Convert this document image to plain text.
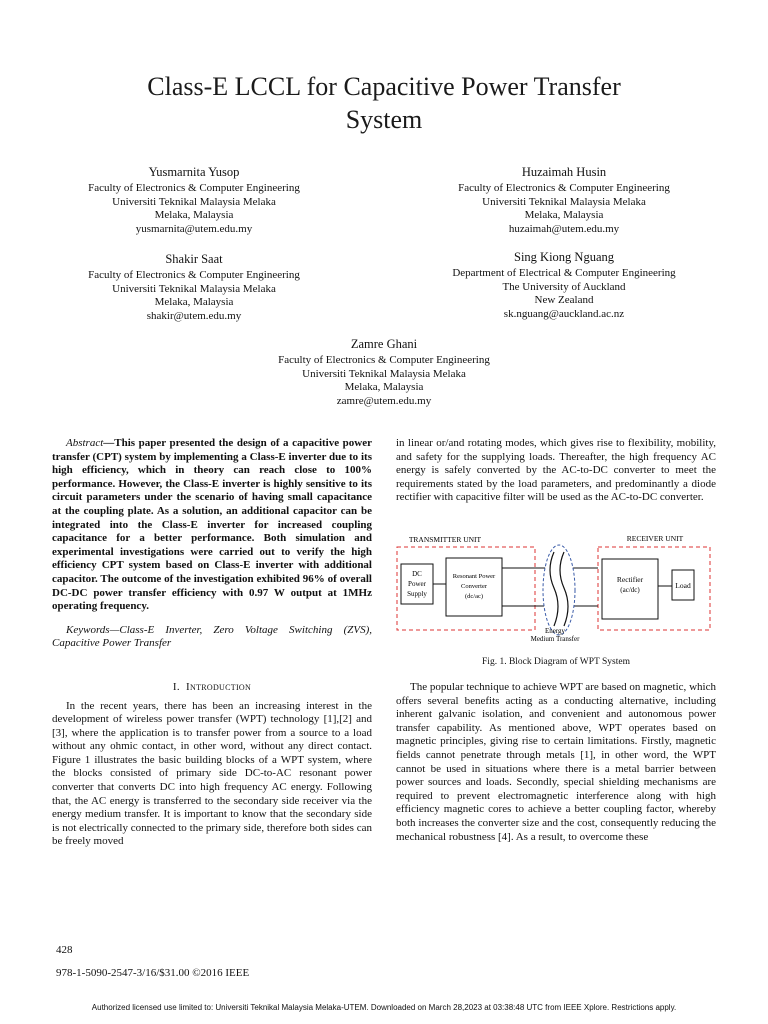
Class-E LCCL for Capacitive Power Transfer
System
Yusmarnita Yusop
Faculty of Electronics & Computer Engineering
Universiti Teknikal Malaysia Melaka
Melaka, Malaysia
yusmarnita@utem.edu.my
Huzaimah Husin
Faculty of Electronics & Computer Engineering
Universiti Teknikal Malaysia Melaka
Melaka, Malaysia
huzaimah@utem.edu.my
Shakir Saat
Faculty of Electronics & Computer Engineering
Universiti Teknikal Malaysia Melaka
Melaka, Malaysia
shakir@utem.edu.my
Sing Kiong Nguang
Department of Electrical & Computer Engineering
The University of Auckland
New Zealand
sk.nguang@auckland.ac.nz
Zamre Ghani
Faculty of Electronics & Computer Engineering
Universiti Teknikal Malaysia Melaka
Melaka, Malaysia
zamre@utem.edu.my

Abstract—This paper presented the design of a capacitive power transfer (CPT) system by implementing a Class-E inverter due to its high efficiency, which in theory can reach close to 100% performance. However, the Class-E inverter is highly sensitive to its circuit parameters under the scenario of having small capacitance at the coupling plate. As a solution, an additional capacitor can be integrated into the Class-E inverter for increased coupling capacitance for a better performance. Both simulation and experimental investigations were carried out to verify the high efficiency CPT system based on Class-E inverter with additional capacitor. The outcome of the investigation exhibited 96% of overall DC-DC power transfer efficiency with 0.97 W output at 1MHz operating frequency.

Keywords—Class-E Inverter, Zero Voltage Switching (ZVS), Capacitive Power Transfer

I. Introduction

In the recent years, there has been an increasing interest in the development of wireless power transfer (WPT) technology [1],[2] and [3], where the application is to transfer power from a source to a load without any ohmic contact, in other word, without any direct contact. Figure 1 illustrates the basic building blocks of a WPT system, where the blocks consisted of primary side DC-to-AC resonant power converter that converts DC into high frequency AC energy. Following that, the AC energy is transferred to the secondary side receiver via the energy medium transfer. It is important to know that the secondary side is not electrically connected to the primary side, therefore both sides can be freely moved

in linear or/and rotating modes, which gives rise to flexibility, mobility, and safety for the supplying loads. Thereafter, the high frequency AC energy is safely converted by the AC-to-DC converter to meet the requirements stated by the load parameters, and predominantly a diode rectifier with capacitive filter will be used as the AC-to-DC converter.

TRANSMITTER UNIT	RECEIVER UNIT
DC
Power
Supply
Resonant Power
Converter
(dc/ac)
Energy
Medium Transfer
Rectifier
(ac/dc)	Load
Fig. 1. Block Diagram of WPT System

The popular technique to achieve WPT are based on magnetic, which offers several benefits acting as a conducting alternative, including inherent galvanic isolation, and convenient and autonomous power transfer capability. As mentioned above, WPT operates based on magnetic principles, giving rise to certain limitations. Firstly, magnetic fields cannot penetrate through metals [1], in other word, the WPT cannot be used in situations where there is a metal barrier between power sources and loads. Secondly, special shielding mechanisms are required to prevent electromagnetic interference along with high efficiency magnetic cores to achieve a better coupling factor, whereby both increases the converter size and the cost, consequently reducing the mechanical robustness [4]. As a result, to overcome these

428
978-1-5090-2547-3/16/$31.00 ©2016 IEEE
Authorized licensed use limited to: Universiti Teknikal Malaysia Melaka-UTEM. Downloaded on March 28,2023 at 03:38:48 UTC from IEEE Xplore. Restrictions apply.
